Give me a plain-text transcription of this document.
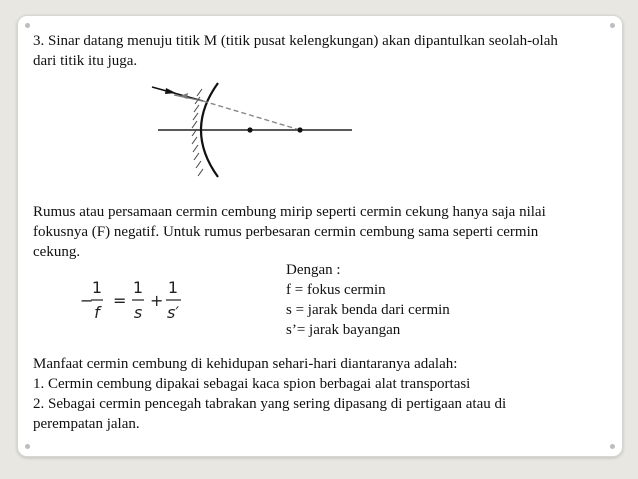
3. Sinar datang menuju titik M (titik pusat kelengkungan) akan dipantulkan seolah-olah
dari titik itu juga.
Rumus atau persamaan cermin cembung mirip seperti cermin cekung hanya saja nilai
fokusnya (F) negatif. Untuk rumus perbesaran cermin cembung sama seperti cermin
cekung.
−
1
f
=
1
s
+
1
s′
Dengan :
f = fokus cermin
s = jarak benda dari cermin
s’= jarak bayangan
Manfaat cermin cembung di kehidupan sehari-hari diantaranya adalah:
1. Cermin cembung dipakai sebagai kaca spion berbagai alat transportasi
2. Sebagai cermin pencegah tabrakan yang sering dipasang di pertigaan atau di
perempatan jalan.
